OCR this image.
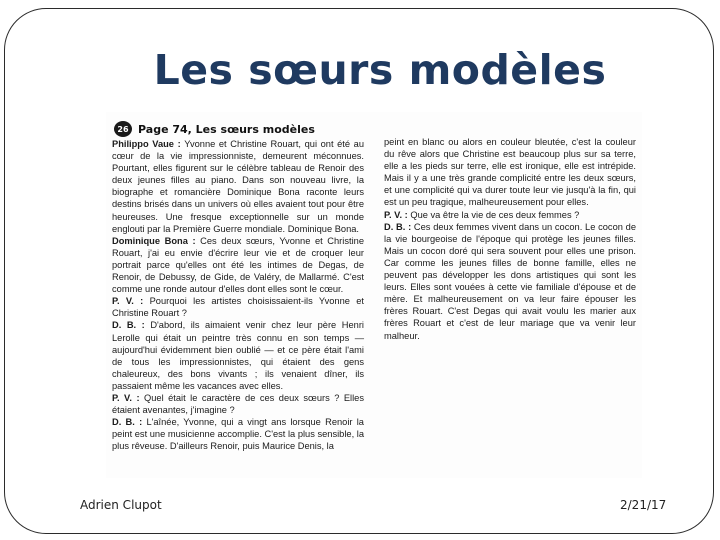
Les sœurs modèles
26 Page 74, Les sœurs modèles

Philippo Vaue : Yvonne et Christine Rouart, qui ont été au cœur de la vie impressionniste, demeurent méconnues. Pourtant, elles figurent sur le célèbre tableau de Renoir des deux jeunes filles au piano. Dans son nouveau livre, la biographe et romancière Dominique Bona raconte leurs destins brisés dans un univers où elles avaient tout pour être heureuses. Une fresque exceptionnelle sur un monde englouti par la Première Guerre mondiale. Dominique Bona.

Dominique Bona : Ces deux sœurs, Yvonne et Christine Rouart, j'ai eu envie d'écrire leur vie et de croquer leur portrait parce qu'elles ont été les intimes de Degas, de Renoir, de Debussy, de Gide, de Valéry, de Mallarmé. C'est comme une ronde autour d'elles dont elles sont le cœur.

P. V. : Pourquoi les artistes choisissaient-ils Yvonne et Christine Rouart ?

D. B. : D'abord, ils aimaient venir chez leur père Henri Lerolle qui était un peintre très connu en son temps — aujourd'hui évidemment bien oublié — et ce père était l'ami de tous les impressionnistes, qui étaient des gens chaleureux, des bons vivants ; ils venaient dîner, ils passaient même les vacances avec elles.

P. V. : Quel était le caractère de ces deux sœurs ? Elles étaient avenantes, j'imagine ?

D. B. : L'aînée, Yvonne, qui a vingt ans lorsque Renoir la peint est une musicienne accomplie. C'est la plus sensible, la plus rêveuse. D'ailleurs Renoir, puis Maurice Denis, la

peint en blanc ou alors en couleur bleutée, c'est la couleur du rêve alors que Christine est beaucoup plus sur sa terre, elle a les pieds sur terre, elle est ironique, elle est intrépide. Mais il y a une très grande complicité entre les deux sœurs, et une complicité qui va durer toute leur vie jusqu'à la fin, qui est un peu tragique, malheureusement pour elles.

P. V. : Que va être la vie de ces deux femmes ?

D. B. : Ces deux femmes vivent dans un cocon. Le cocon de la vie bourgeoise de l'époque qui protège les jeunes filles. Mais un cocon doré qui sera souvent pour elles une prison. Car comme les jeunes filles de bonne famille, elles ne peuvent pas développer les dons artistiques qui sont les leurs. Elles sont vouées à cette vie familiale d'épouse et de mère. Et malheureusement on va leur faire épouser les frères Rouart. C'est Degas qui avait voulu les marier aux frères Rouart et c'est de leur mariage que va venir leur malheur.

Adrien Clupot	2/21/17
